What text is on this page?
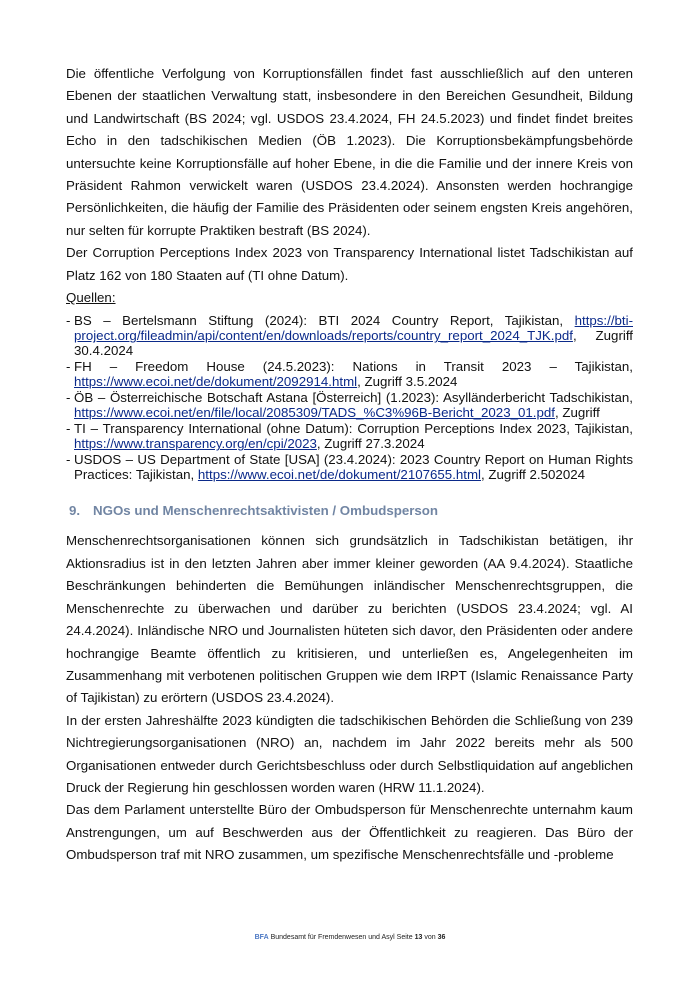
Die öffentliche Verfolgung von Korruptionsfällen findet fast ausschließlich auf den unteren Ebenen der staatlichen Verwaltung statt, insbesondere in den Bereichen Gesundheit, Bildung und Landwirtschaft (BS 2024; vgl. USDOS 23.4.2024, FH 24.5.2023) und findet findet breites Echo in den tadschikischen Medien (ÖB 1.2023). Die Korruptionsbekämpfungsbehörde untersuchte keine Korruptionsfälle auf hoher Ebene, in die die Familie und der innere Kreis von Präsident Rahmon verwickelt waren (USDOS 23.4.2024). Ansonsten werden hochrangige Persönlichkeiten, die häufig der Familie des Präsidenten oder seinem engsten Kreis angehören, nur selten für korrupte Praktiken bestraft (BS 2024).

Der Corruption Perceptions Index 2023 von Transparency International listet Tadschikistan auf Platz 162 von 180 Staaten auf (TI ohne Datum).

Quellen:

- BS – Bertelsmann Stiftung (2024): BTI 2024 Country Report, Tajikistan, https://bti-project.org/fileadmin/api/content/en/downloads/reports/country_report_2024_TJK.pdf, Zugriff 30.4.2024
- FH – Freedom House (24.5.2023): Nations in Transit 2023 – Tajikistan, https://www.ecoi.net/de/dokument/2092914.html, Zugriff 3.5.2024
- ÖB – Österreichische Botschaft Astana [Österreich] (1.2023): Asylländerbericht Tadschikistan, https://www.ecoi.net/en/file/local/2085309/TADS_%C3%96B-Bericht_2023_01.pdf, Zugriff
- TI – Transparency International (ohne Datum): Corruption Perceptions Index 2023, Tajikistan, https://www.transparency.org/en/cpi/2023, Zugriff 27.3.2024
- USDOS – US Department of State [USA] (23.4.2024): 2023 Country Report on Human Rights Practices: Tajikistan, https://www.ecoi.net/de/dokument/2107655.html, Zugriff 2.502024
9. NGOs und Menschenrechtsaktivisten / Ombudsperson

Menschenrechtsorganisationen können sich grundsätzlich in Tadschikistan betätigen, ihr Aktionsradius ist in den letzten Jahren aber immer kleiner geworden (AA 9.4.2024). Staatliche Beschränkungen behinderten die Bemühungen inländischer Menschenrechtsgruppen, die Menschenrechte zu überwachen und darüber zu berichten (USDOS 23.4.2024; vgl. AI 24.4.2024). Inländische NRO und Journalisten hüteten sich davor, den Präsidenten oder andere hochrangige Beamte öffentlich zu kritisieren, und unterließen es, Angelegenheiten im Zusammenhang mit verbotenen politischen Gruppen wie dem IRPT (Islamic Renaissance Party of Tajikistan) zu erörtern (USDOS 23.4.2024).

In der ersten Jahreshälfte 2023 kündigten die tadschikischen Behörden die Schließung von 239 Nichtregierungsorganisationen (NRO) an, nachdem im Jahr 2022 bereits mehr als 500 Organisationen entweder durch Gerichtsbeschluss oder durch Selbstliquidation auf angeblichen Druck der Regierung hin geschlossen worden waren (HRW 11.1.2024).

Das dem Parlament unterstellte Büro der Ombudsperson für Menschenrechte unternahm kaum Anstrengungen, um auf Beschwerden aus der Öffentlichkeit zu reagieren. Das Büro der Ombudsperson traf mit NRO zusammen, um spezifische Menschenrechtsfälle und -probleme

BFA Bundesamt für Fremdenwesen und Asyl Seite 13 von 36
